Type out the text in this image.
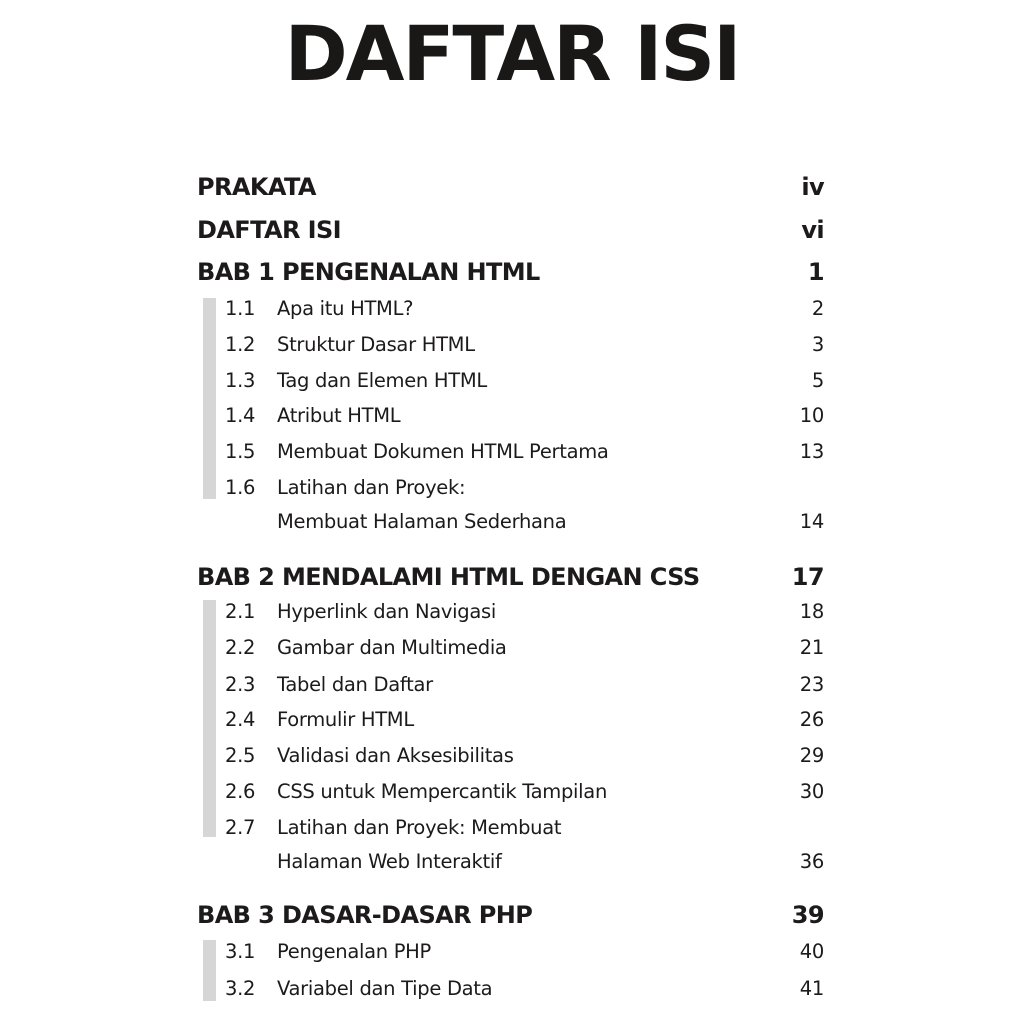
DAFTAR ISI
PRAKATA	iv
DAFTAR ISI	vi
BAB 1 PENGENALAN HTML	1
1.1	Apa itu HTML?	2
1.2	Struktur Dasar HTML	3
1.3	Tag dan Elemen HTML	5
1.4	Atribut HTML	10
1.5	Membuat Dokumen HTML Pertama	13
1.6	Latihan dan Proyek:
Membuat Halaman Sederhana	14
BAB 2 MENDALAMI HTML DENGAN CSS	17
2.1	Hyperlink dan Navigasi	18
2.2	Gambar dan Multimedia	21
2.3	Tabel dan Daftar	23
2.4	Formulir HTML	26
2.5	Validasi dan Aksesibilitas	29
2.6	CSS untuk Mempercantik Tampilan	30
2.7	Latihan dan Proyek: Membuat
Halaman Web Interaktif	36
BAB 3 DASAR-DASAR PHP	39
3.1	Pengenalan PHP	40
3.2	Variabel dan Tipe Data	41
